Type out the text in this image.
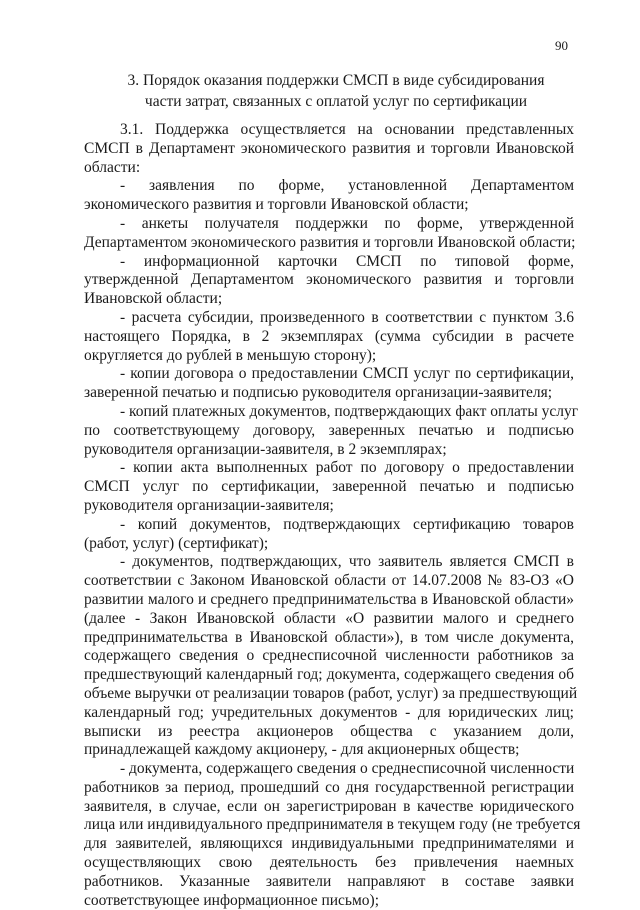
90
3. Порядок оказания поддержки СМСП в виде субсидирования
части затрат, связанных с оплатой услуг по сертификации
3.1. Поддержка осуществляется на основании представленных
СМСП в Департамент экономического развития и торговли Ивановской
области:
- заявления по форме, установленной Департаментом
экономического развития и торговли Ивановской области;
- анкеты получателя поддержки по форме, утвержденной
Департаментом экономического развития и торговли Ивановской области;
- информационной карточки СМСП по типовой форме,
утвержденной Департаментом экономического развития и торговли
Ивановской области;
- расчета субсидии, произведенного в соответствии с пунктом 3.6
настоящего Порядка, в 2 экземплярах (сумма субсидии в расчете
округляется до рублей в меньшую сторону);
- копии договора о предоставлении СМСП услуг по сертификации,
заверенной печатью и подписью руководителя организации-заявителя;
- копий платежных документов, подтверждающих факт оплаты услуг
по соответствующему договору, заверенных печатью и подписью
руководителя организации-заявителя, в 2 экземплярах;
- копии акта выполненных работ по договору о предоставлении
СМСП услуг по сертификации, заверенной печатью и подписью
руководителя организации-заявителя;
- копий документов, подтверждающих сертификацию товаров
(работ, услуг) (сертификат);
- документов, подтверждающих, что заявитель является СМСП в
соответствии с Законом Ивановской области от 14.07.2008 № 83-ОЗ «О
развитии малого и среднего предпринимательства в Ивановской области»
(далее - Закон Ивановской области «О развитии малого и среднего
предпринимательства в Ивановской области»), в том числе документа,
содержащего сведения о среднесписочной численности работников за
предшествующий календарный год; документа, содержащего сведения об
объеме выручки от реализации товаров (работ, услуг) за предшествующий
календарный год; учредительных документов - для юридических лиц;
выписки из реестра акционеров общества с указанием доли,
принадлежащей каждому акционеру, - для акционерных обществ;
- документа, содержащего сведения о среднесписочной численности
работников за период, прошедший со дня государственной регистрации
заявителя, в случае, если он зарегистрирован в качестве юридического
лица или индивидуального предпринимателя в текущем году (не требуется
для заявителей, являющихся индивидуальными предпринимателями и
осуществляющих свою деятельность без привлечения наемных
работников. Указанные заявители направляют в составе заявки
соответствующее информационное письмо);
